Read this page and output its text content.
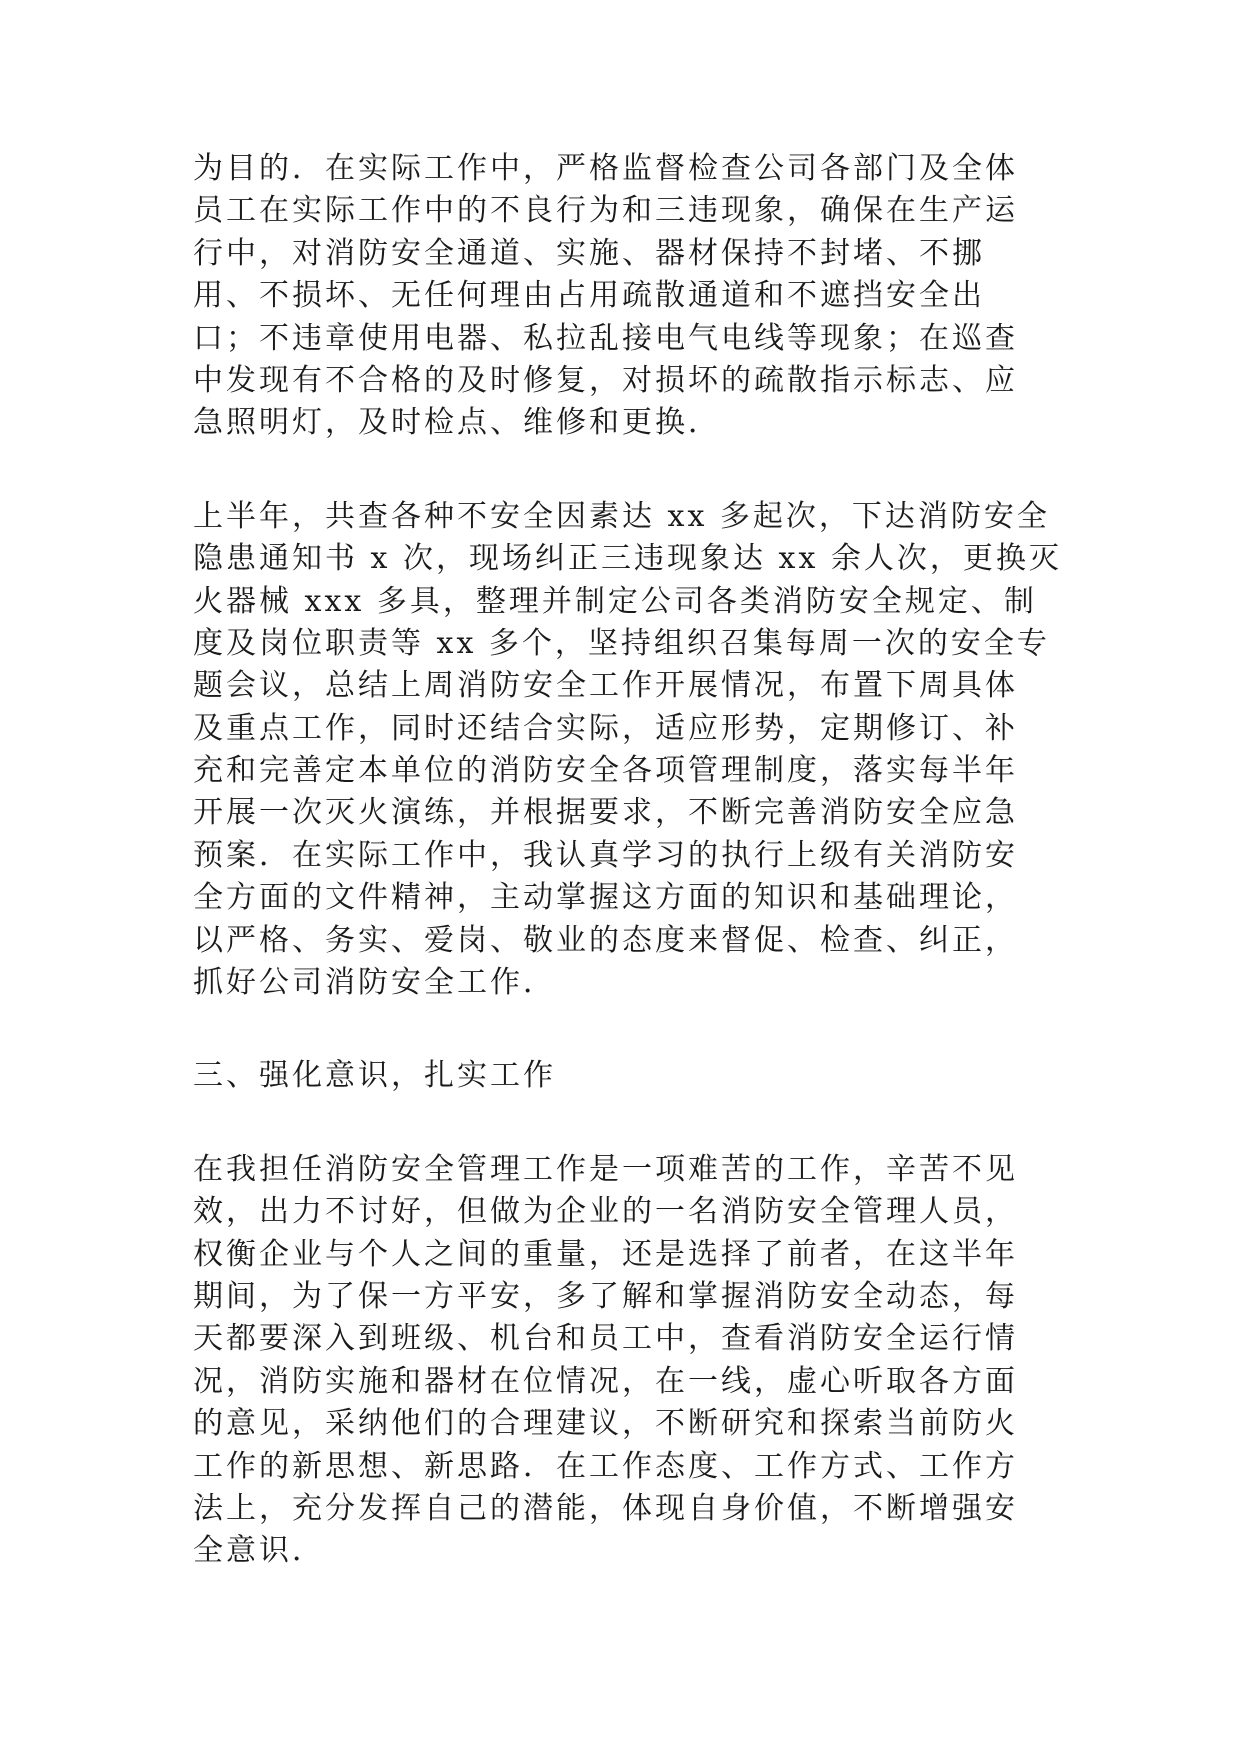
为目的．在实际工作中，严格监督检查公司各部门及全体
员工在实际工作中的不良行为和三违现象，确保在生产运
行中，对消防安全通道、实施、器材保持不封堵、不挪
用、不损坏、无任何理由占用疏散通道和不遮挡安全出
口；不违章使用电器、私拉乱接电气电线等现象；在巡查
中发现有不合格的及时修复，对损坏的疏散指示标志、应
急照明灯，及时检点、维修和更换．
上半年，共查各种不安全因素达 xx 多起次，下达消防安全
隐患通知书 x 次，现场纠正三违现象达 xx 余人次，更换灭
火器械 xxx 多具，整理并制定公司各类消防安全规定、制
度及岗位职责等 xx 多个，坚持组织召集每周一次的安全专
题会议，总结上周消防安全工作开展情况，布置下周具体
及重点工作，同时还结合实际，适应形势，定期修订、补
充和完善定本单位的消防安全各项管理制度，落实每半年
开展一次灭火演练，并根据要求，不断完善消防安全应急
预案．在实际工作中，我认真学习的执行上级有关消防安
全方面的文件精神，主动掌握这方面的知识和基础理论，
以严格、务实、爱岗、敬业的态度来督促、检查、纠正，
抓好公司消防安全工作．
三、强化意识，扎实工作
在我担任消防安全管理工作是一项难苦的工作，辛苦不见
效，出力不讨好，但做为企业的一名消防安全管理人员，
权衡企业与个人之间的重量，还是选择了前者，在这半年
期间，为了保一方平安，多了解和掌握消防安全动态，每
天都要深入到班级、机台和员工中，查看消防安全运行情
况，消防实施和器材在位情况，在一线，虚心听取各方面
的意见，采纳他们的合理建议，不断研究和探索当前防火
工作的新思想、新思路．在工作态度、工作方式、工作方
法上，充分发挥自己的潜能，体现自身价值，不断增强安
全意识．
